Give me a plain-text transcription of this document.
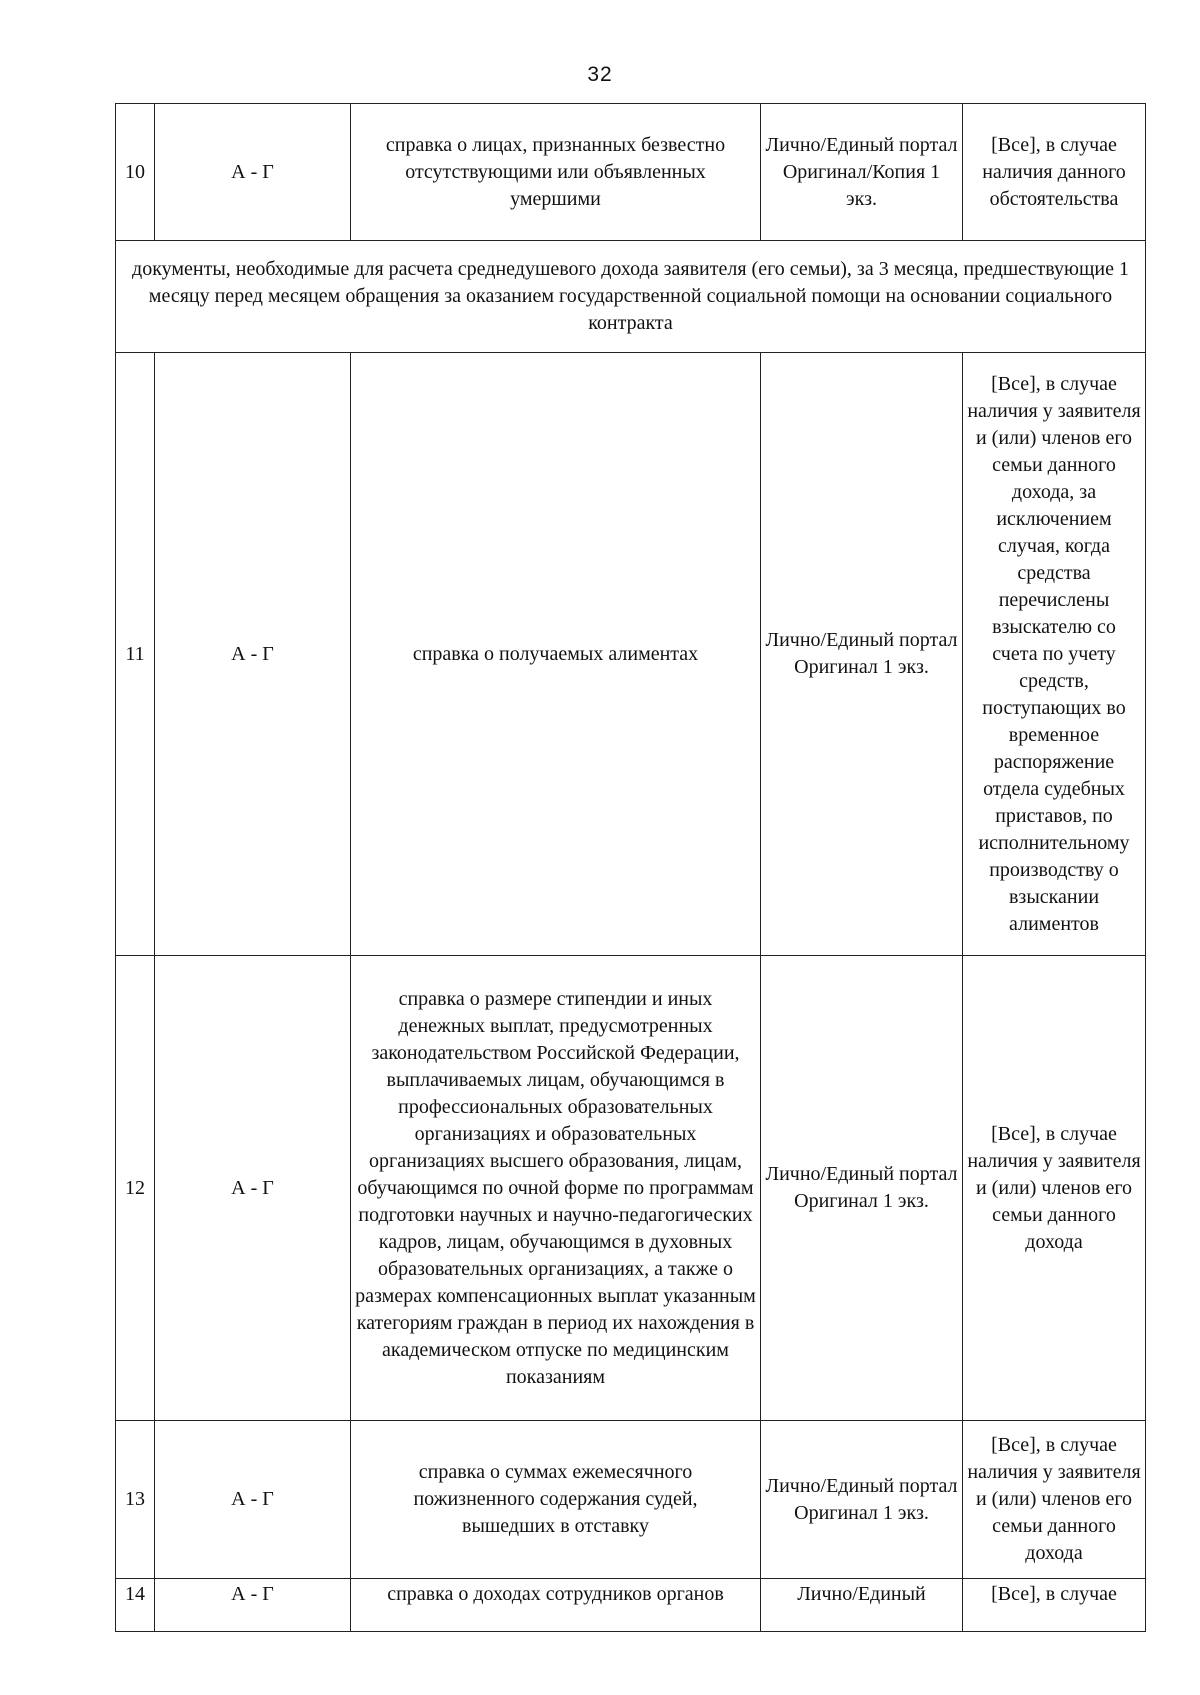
32
10	А - Г	справка о лицах, признанных безвестно отсутствующими или объявленных умершими	Лично/Единый портал Оригинал/Копия 1 экз.	[Все], в случае наличия данного обстоятельства
документы, необходимые для расчета среднедушевого дохода заявителя (его семьи), за 3 месяца, предшествующие 1 месяцу перед месяцем обращения за оказанием государственной социальной помощи на основании социального контракта				
11	А - Г	справка о получаемых алиментах	Лично/Единый портал Оригинал 1 экз.	[Все], в случае наличия у заявителя и (или) членов его семьи данного дохода, за исключением случая, когда средства перечислены взыскателю со счета по учету средств, поступающих во временное распоряжение отдела судебных приставов, по исполнительному производству о взыскании алиментов
12	А - Г	справка о размере стипендии и иных денежных выплат, предусмотренных законодательством Российской Федерации, выплачиваемых лицам, обучающимся в профессиональных образовательных организациях и образовательных организациях высшего образования, лицам, обучающимся по очной форме по программам подготовки научных и научно-педагогических кадров, лицам, обучающимся в духовных образовательных организациях, а также о размерах компенсационных выплат указанным категориям граждан в период их нахождения в академическом отпуске по медицинским показаниям	Лично/Единый портал Оригинал 1 экз.	[Все], в случае наличия у заявителя и (или) членов его семьи данного дохода
13	А - Г	справка о суммах ежемесячного пожизненного содержания судей, вышедших в отставку	Лично/Единый портал Оригинал 1 экз.	[Все], в случае наличия у заявителя и (или) членов его семьи данного дохода
14	А - Г	справка о доходах сотрудников органов	Лично/Единый	[Все], в случае
